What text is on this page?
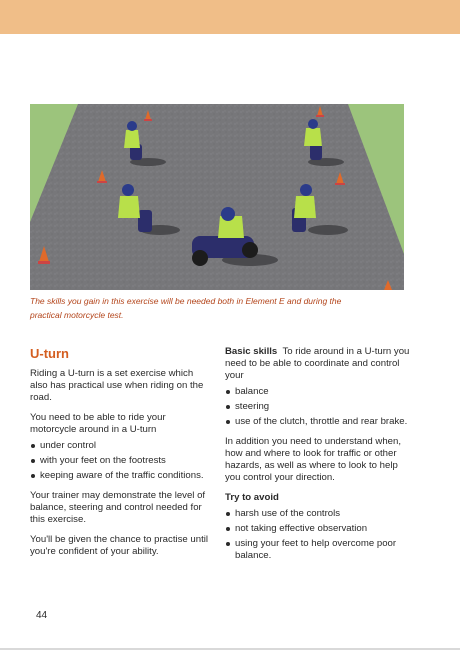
The skills you gain in this exercise will be needed both in Element E and during the practical motorcycle test.
U-turn

Riding a U-turn is a set exercise which also has practical use when riding on the road.

You need to be able to ride your motorcycle around in a U-turn

under control
with your feet on the footrests
keeping aware of the traffic conditions.

Your trainer may demonstrate the level of balance, steering and control needed for this exercise.

You'll be given the chance to practise until you're confident of your ability.

Basic skills To ride around in a U-turn you need to be able to coordinate and control your

balance
steering
use of the clutch, throttle and rear brake.

In addition you need to understand when, how and where to look for traffic or other hazards, as well as where to look to help you control your direction.

Try to avoid

harsh use of the controls
not taking effective observation
using your feet to help overcome poor balance.
44
